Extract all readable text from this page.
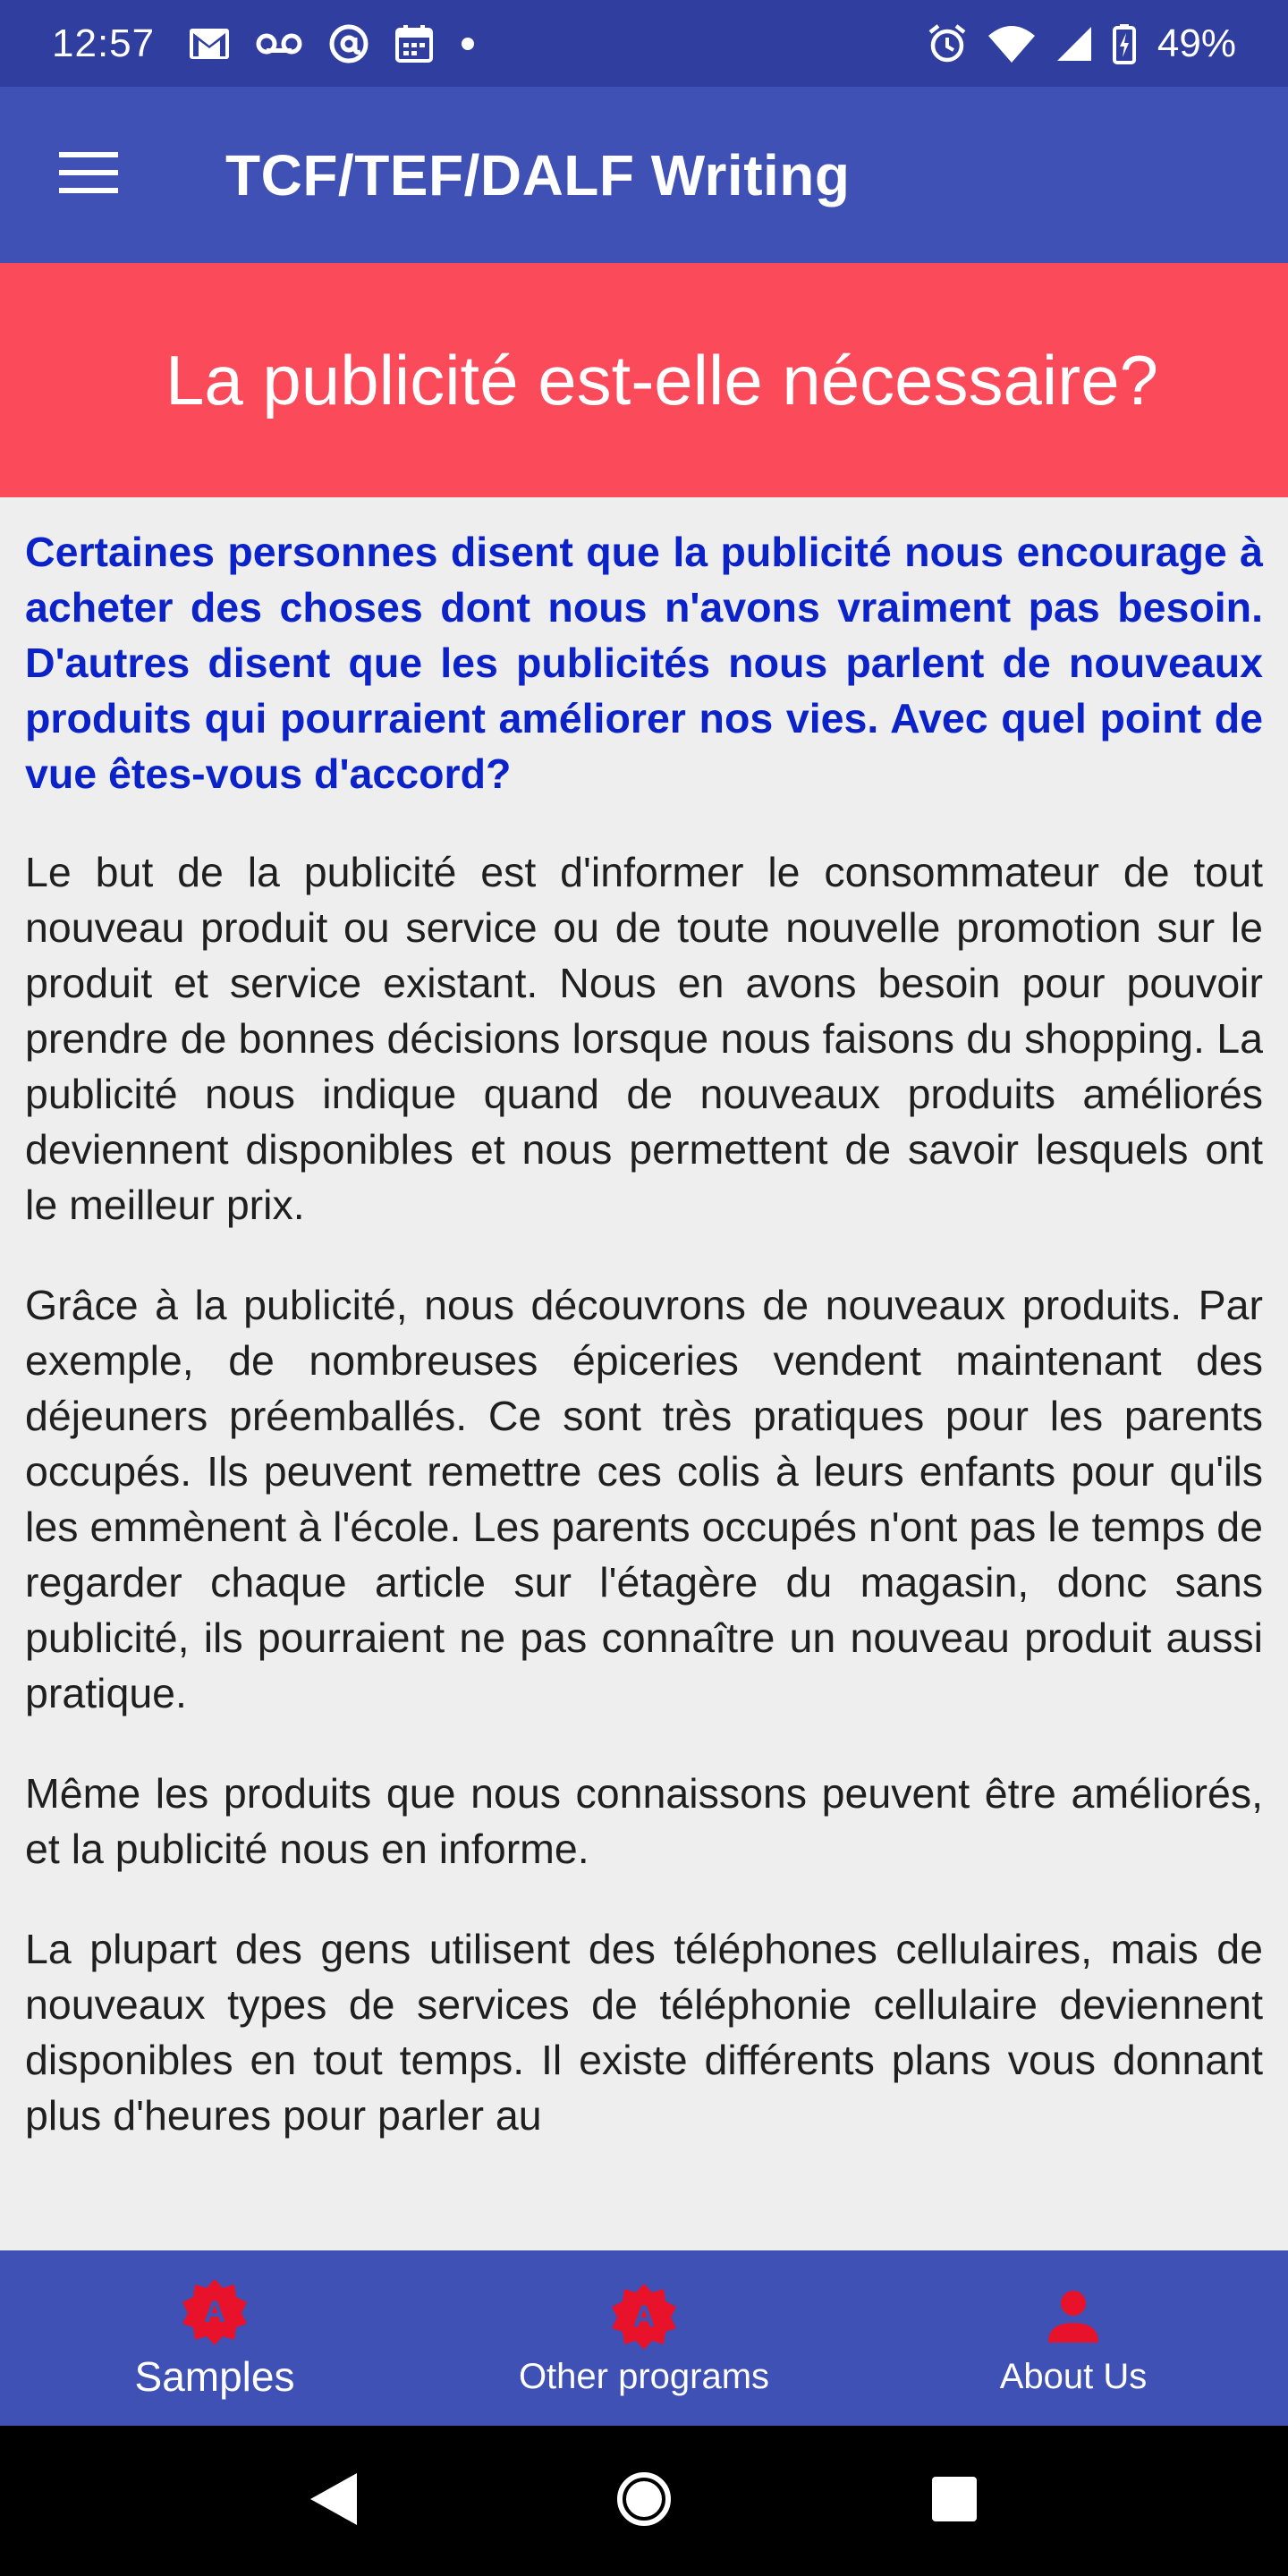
12:57	49%
TCF/TEF/DALF Writing
La publicité est-elle nécessaire?

Certaines personnes disent que la publicité nous encourage à acheter des choses dont nous n'avons vraiment pas besoin. D'autres disent que les publicités nous parlent de nouveaux produits qui pourraient améliorer nos vies. Avec quel point de vue êtes-vous d'accord?

Le but de la publicité est d'informer le consommateur de tout nouveau produit ou service ou de toute nouvelle promotion sur le produit et service existant. Nous en avons besoin pour pouvoir prendre de bonnes décisions lorsque nous faisons du shopping. La publicité nous indique quand de nouveaux produits améliorés deviennent disponibles et nous permettent de savoir lesquels ont le meilleur prix.

Grâce à la publicité, nous découvrons de nouveaux produits. Par exemple, de nombreuses épiceries vendent maintenant des déjeuners préemballés. Ce sont très pratiques pour les parents occupés. Ils peuvent remettre ces colis à leurs enfants pour qu'ils les emmènent à l'école. Les parents occupés n'ont pas le temps de regarder chaque article sur l'étagère du magasin, donc sans publicité, ils pourraient ne pas connaître un nouveau produit aussi pratique.

Même les produits que nous connaissons peuvent être améliorés, et la publicité nous en informe.

La plupart des gens utilisent des téléphones cellulaires, mais de nouveaux types de services de téléphonie cellulaire deviennent disponibles en tout temps. Il existe différents plans vous donnant plus d'heures pour parler au

A
Samples
A
Other programs	About Us
